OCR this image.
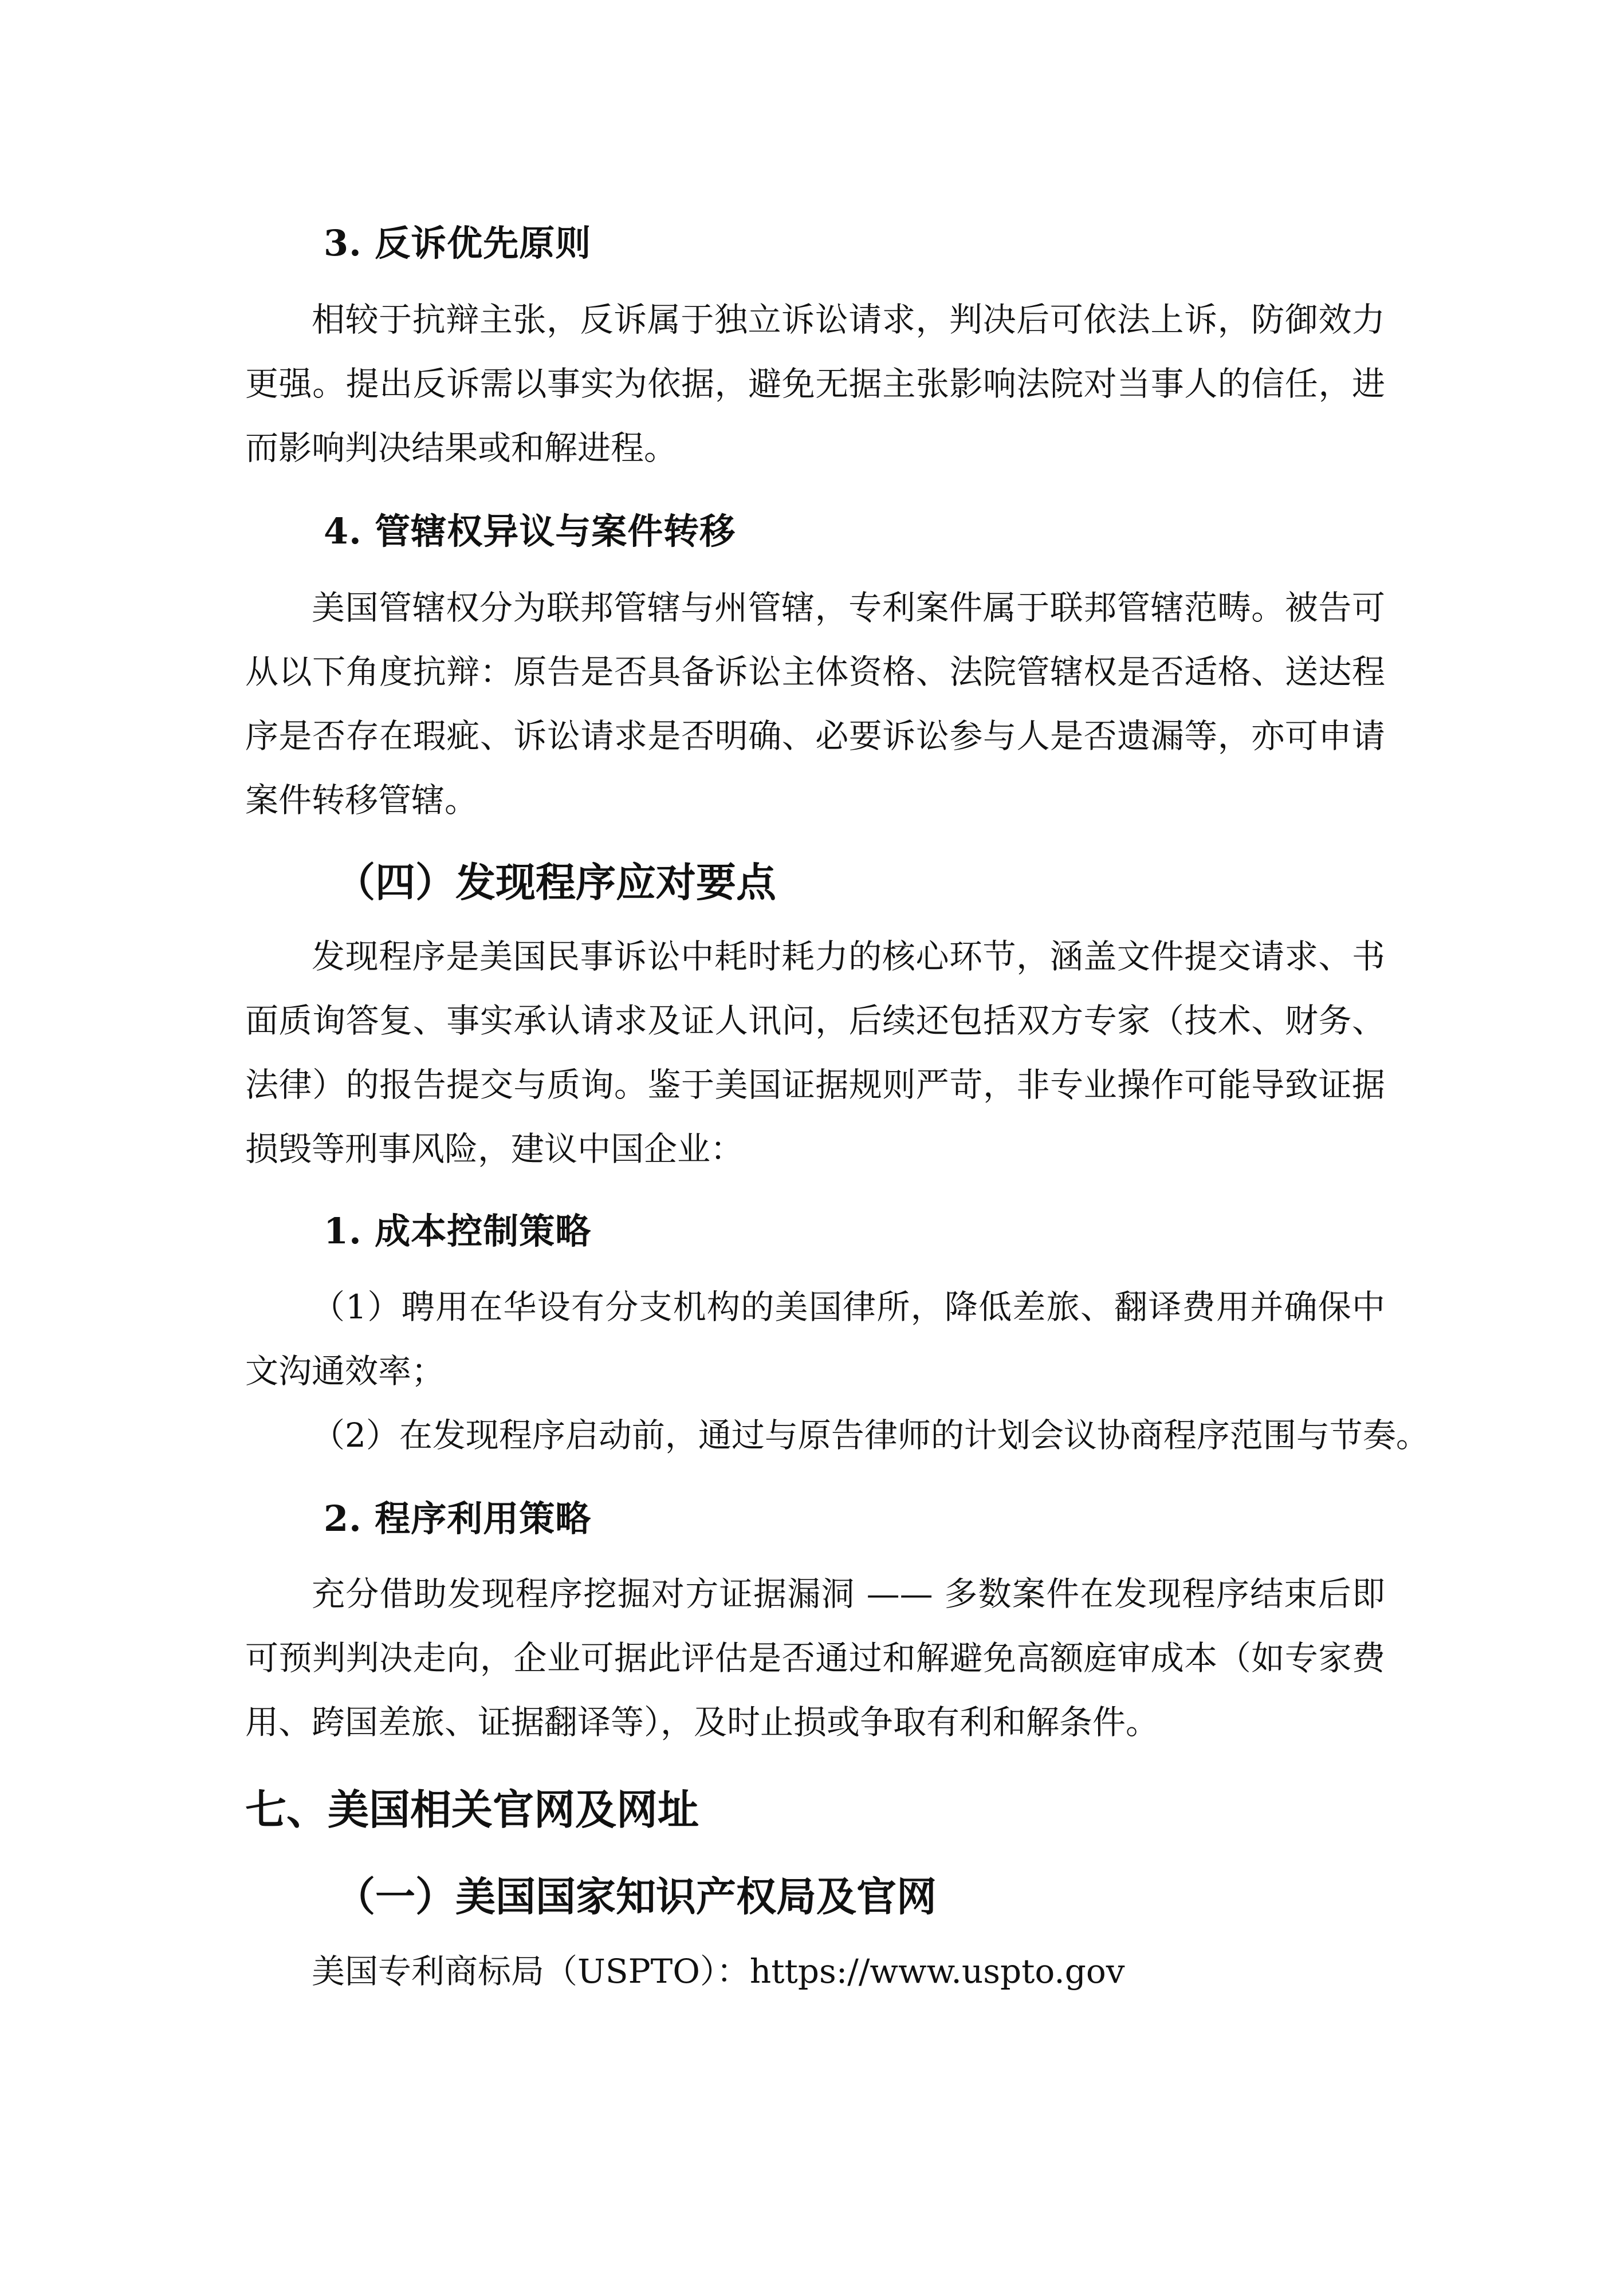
3. 反诉优先原则

相较于抗辩主张，反诉属于独立诉讼请求，判决后可依法上诉，防御效力更强。提出反诉需以事实为依据，避免无据主张影响法院对当事人的信任，进而影响判决结果或和解进程。

4. 管辖权异议与案件转移

美国管辖权分为联邦管辖与州管辖，专利案件属于联邦管辖范畴。被告可从以下角度抗辩：原告是否具备诉讼主体资格、法院管辖权是否适格、送达程序是否存在瑕疵、诉讼请求是否明确、必要诉讼参与人是否遗漏等，亦可申请案件转移管辖。

（四）发现程序应对要点

发现程序是美国民事诉讼中耗时耗力的核心环节，涵盖文件提交请求、书面质询答复、事实承认请求及证人讯问，后续还包括双方专家（技术、财务、法律）的报告提交与质询。鉴于美国证据规则严苛，非专业操作可能导致证据损毁等刑事风险，建议中国企业：

1. 成本控制策略

（1）聘用在华设有分支机构的美国律所，降低差旅、翻译费用并确保中文沟通效率；

（2）在发现程序启动前，通过与原告律师的计划会议协商程序范围与节奏。

2. 程序利用策略

充分借助发现程序挖掘对方证据漏洞 —— 多数案件在发现程序结束后即可预判判决走向，企业可据此评估是否通过和解避免高额庭审成本（如专家费用、跨国差旅、证据翻译等），及时止损或争取有利和解条件。

七、美国相关官网及网址
（一）美国国家知识产权局及官网

美国专利商标局（USPTO）：https://www.uspto.gov
